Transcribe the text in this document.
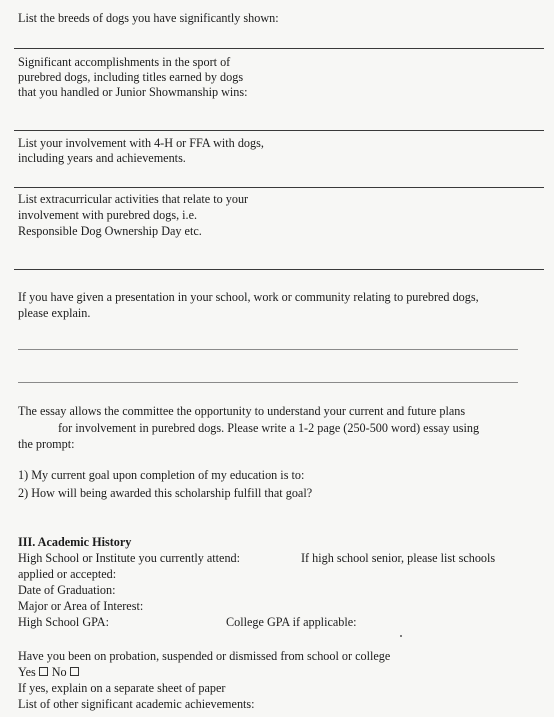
List the breeds of dogs you have significantly shown:
Significant accomplishments in the sport of
purebred dogs, including titles earned by dogs
that you handled or Junior Showmanship wins:
List your involvement with 4-H or FFA with dogs,
including years and achievements.
List extracurricular activities that relate to your
involvement with purebred dogs, i.e.
Responsible Dog Ownership Day etc.
If you have given a presentation in your school, work or community relating to purebred dogs,
please explain.
The essay allows the committee the opportunity to understand your current and future plans
for involvement in purebred dogs. Please write a 1-2 page (250-500 word) essay using
the prompt:
1) My current goal upon completion of my education is to:
2) How will being awarded this scholarship fulfill that goal?
III. Academic History
High School or Institute you currently attend:	If high school senior, please list schools
applied or accepted:
Date of Graduation:
Major or Area of Interest:
High School GPA:	College GPA if applicable:
Have you been on probation, suspended or dismissed from school or college
Yes No
If yes, explain on a separate sheet of paper
List of other significant academic achievements:
